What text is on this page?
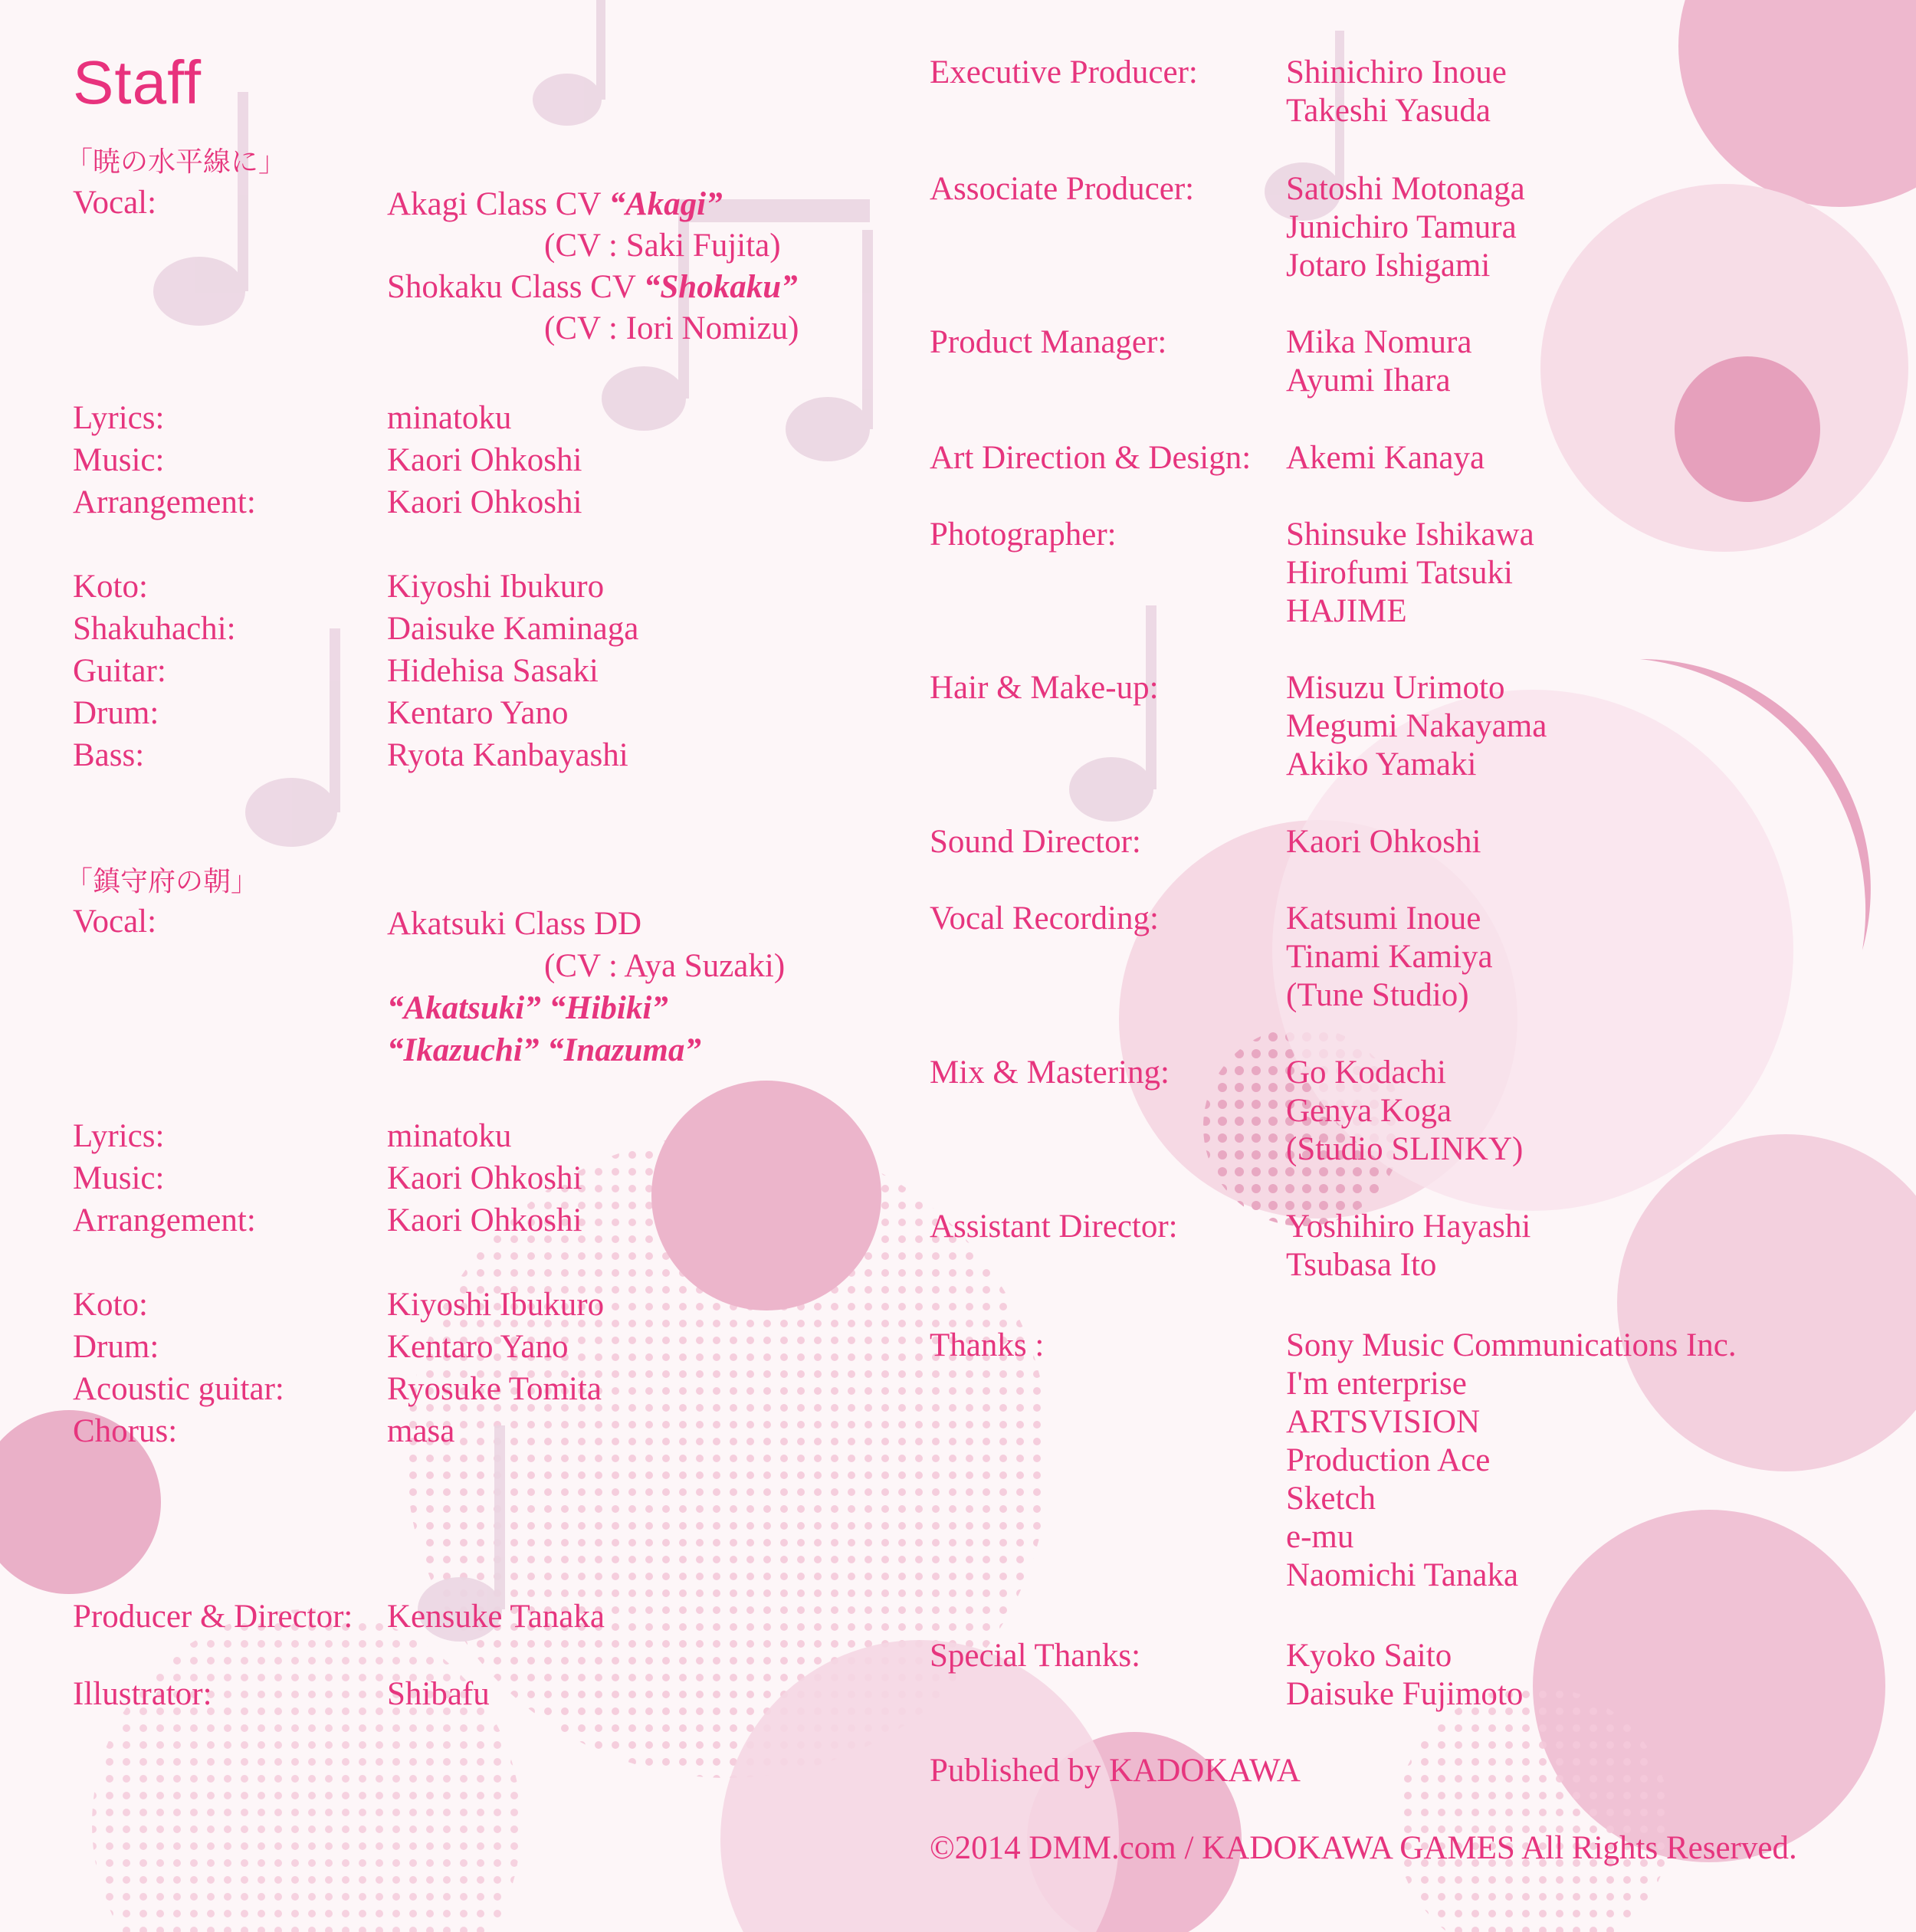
Staff
「暁の水平線に」
Vocal:	Akagi Class CV “Akagi”
(CV : Saki Fujita)
Shokaku Class CV “Shokaku”
(CV : Iori Nomizu)
Lyrics:	minatoku
Music:	Kaori Ohkoshi
Arrangement:	Kaori Ohkoshi
Koto:	Kiyoshi Ibukuro
Shakuhachi:	Daisuke Kaminaga
Guitar:	Hidehisa Sasaki
Drum:	Kentaro Yano
Bass:	Ryota Kanbayashi
「鎮守府の朝」
Vocal:	Akatsuki Class DD
(CV : Aya Suzaki)
“Akatsuki” “Hibiki”
“Ikazuchi” “Inazuma”
Lyrics:	minatoku
Music:	Kaori Ohkoshi
Arrangement:	Kaori Ohkoshi
Koto:	Kiyoshi Ibukuro
Drum:	Kentaro Yano
Acoustic guitar:	Ryosuke Tomita
Chorus:	masa
Producer & Director: Kensuke Tanaka
Illustrator:	Shibafu
Executive Producer:	Shinichiro Inoue
Takeshi Yasuda
Associate Producer:	Satoshi Motonaga
Junichiro Tamura
Jotaro Ishigami
Product Manager:	Mika Nomura
Ayumi Ihara
Art Direction & Design: Akemi Kanaya
Photographer:	Shinsuke Ishikawa
Hirofumi Tatsuki
HAJIME
Hair & Make-up:	Misuzu Urimoto
Megumi Nakayama
Akiko Yamaki
Sound Director:	Kaori Ohkoshi
Vocal Recording:	Katsumi Inoue
Tinami Kamiya
(Tune Studio)
Mix & Mastering:	Go Kodachi
Genya Koga
(Studio SLINKY)
Assistant Director:	Yoshihiro Hayashi
Tsubasa Ito
Thanks :	Sony Music Communications Inc.
I'm enterprise
ARTSVISION
Production Ace
Sketch
e-mu
Naomichi Tanaka
Special Thanks:	Kyoko Saito
Daisuke Fujimoto
Published by KADOKAWA
©2014 DMM.com / KADOKAWA GAMES All Rights Reserved.
